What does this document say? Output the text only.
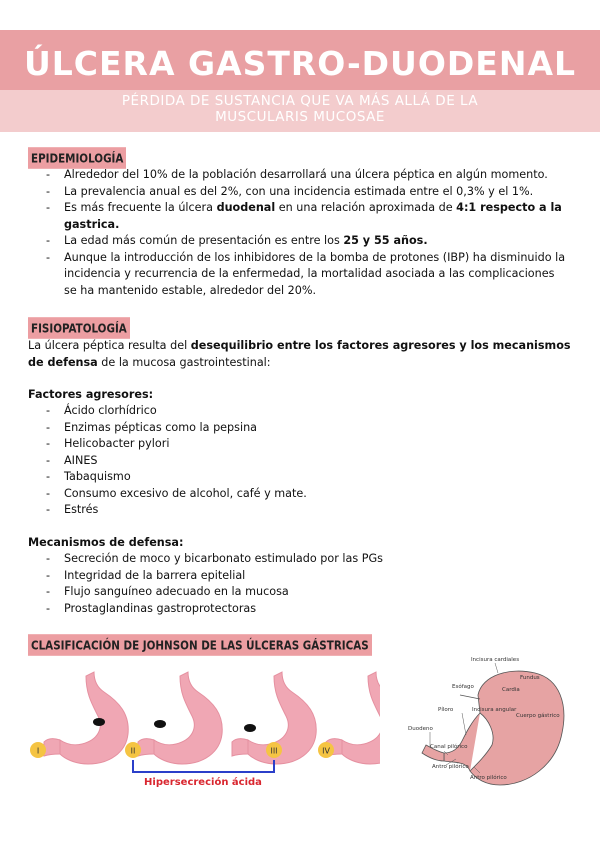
ÚLCERA GASTRO-DUODENAL
PÉRDIDA DE SUSTANCIA QUE VA MÁS ALLÁ DE LA
MUSCULARIS MUCOSAE
EPIDEMIOLOGÍA
- Alrededor del 10% de la población desarrollará una úlcera péptica en algún momento.
- La prevalencia anual es del 2%, con una incidencia estimada entre el 0,3% y el 1%.
- Es más frecuente la úlcera duodenal en una relación aproximada de 4:1 respecto a la gastrica.
- La edad más común de presentación es entre los 25 y 55 años.
- Aunque la introducción de los inhibidores de la bomba de protones (IBP) ha disminuido la incidencia y recurrencia de la enfermedad, la mortalidad asociada a las complicaciones se ha mantenido estable, alrededor del 20%.
FISIOPATOLOGÍA

La úlcera péptica resulta del desequilibrio entre los factores agresores y los mecanismos de defensa de la mucosa gastrointestinal:

Factores agresores:
- Ácido clorhídrico
- Enzimas pépticas como la pepsina
- Helicobacter pylori
- AINES
- Tabaquismo
- Consumo excesivo de alcohol, café y mate.
- Estrés
Mecanismos de defensa:
- Secreción de moco y bicarbonato estimulado por las PGs
- Integridad de la barrera epitelial
- Flujo sanguíneo adecuado en la mucosa
- Prostaglandinas gastroprotectoras
CLASIFICACIÓN DE JOHNSON DE LAS ÚLCERAS GÁSTRICAS
I	II	III	IV
Hipersecreción ácida
Incisura cardiales
Fundus
Esófago	Cardia
Píloro	Incisura angular
Cuerpo gástrico
Duodeno
Canal pilórico
Antro pilórico
Antro pilórico
